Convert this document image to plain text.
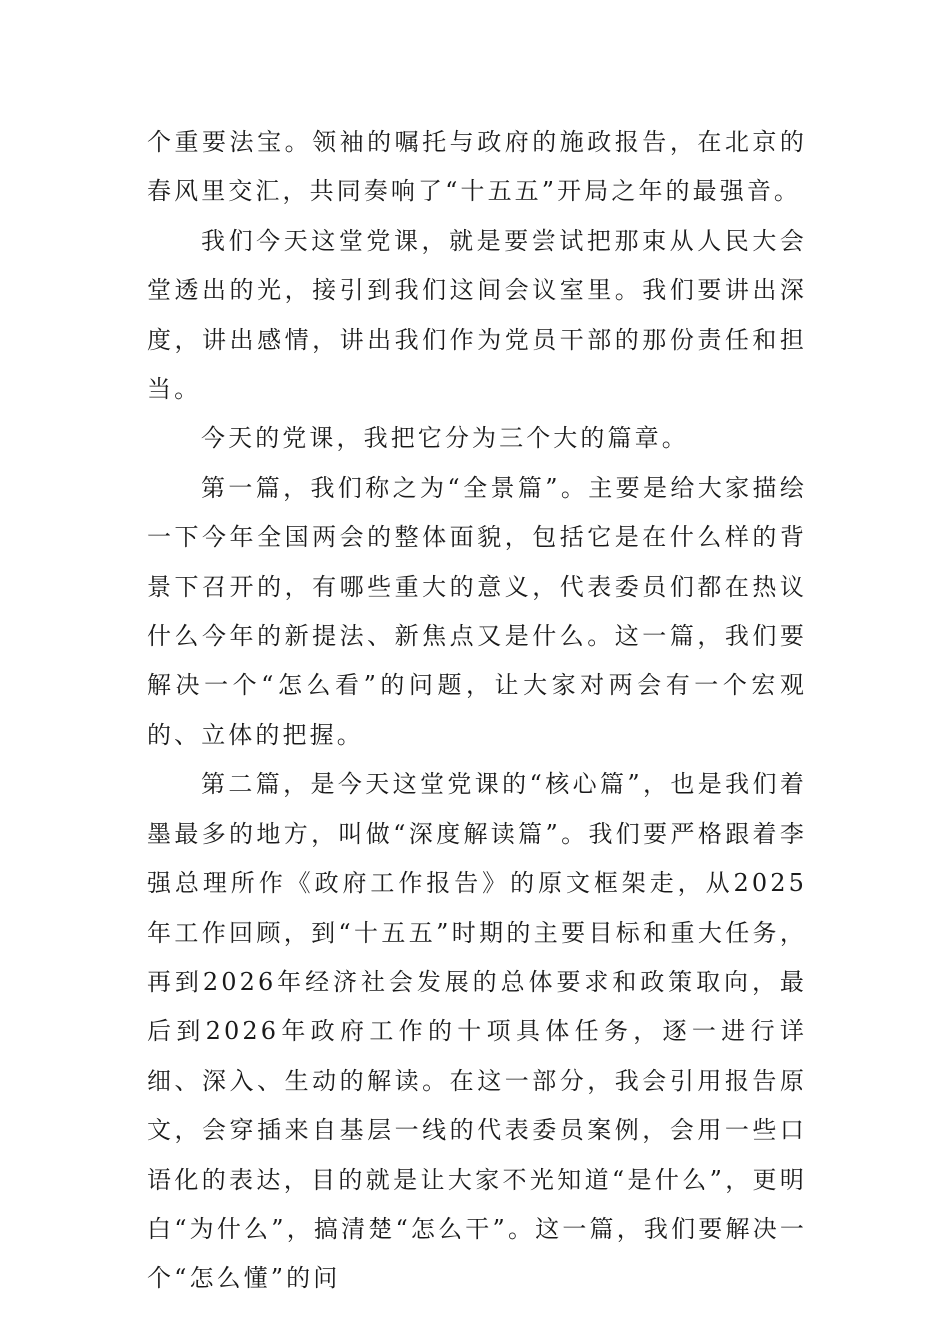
个重要法宝。领袖的嘱托与政府的施政报告，在北京的春风里交汇，共同奏响了“十五五”开局之年的最强音。

我们今天这堂党课，就是要尝试把那束从人民大会堂透出的光，接引到我们这间会议室里。我们要讲出深度，讲出感情，讲出我们作为党员干部的那份责任和担当。

今天的党课，我把它分为三个大的篇章。

第一篇，我们称之为“全景篇”。主要是给大家描绘一下今年全国两会的整体面貌，包括它是在什么样的背景下召开的，有哪些重大的意义，代表委员们都在热议什么今年的新提法、新焦点又是什么。这一篇，我们要解决一个“怎么看”的问题，让大家对两会有一个宏观的、立体的把握。

第二篇，是今天这堂党课的“核心篇”，也是我们着墨最多的地方，叫做“深度解读篇”。我们要严格跟着李强总理所作《政府工作报告》的原文框架走，从2025年工作回顾，到“十五五”时期的主要目标和重大任务，再到2026年经济社会发展的总体要求和政策取向，最后到2026年政府工作的十项具体任务，逐一进行详细、深入、生动的解读。在这一部分，我会引用报告原文，会穿插来自基层一线的代表委员案例，会用一些口语化的表达，目的就是让大家不光知道“是什么”，更明白“为什么”，搞清楚“怎么干”。这一篇，我们要解决一个“怎么懂”的问
